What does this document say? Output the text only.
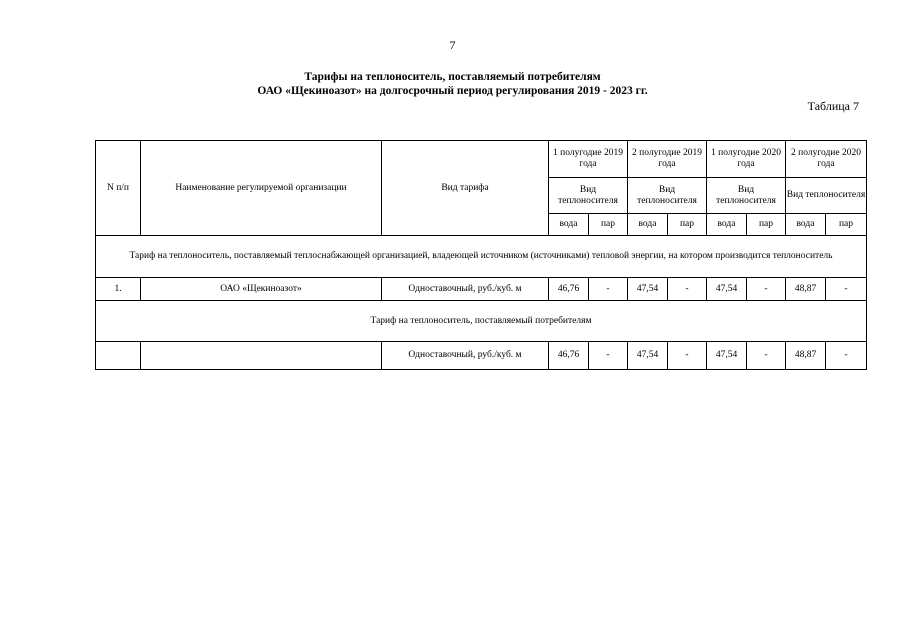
7
Тарифы на теплоноситель, поставляемый потребителям
ОАО «Щекиноазот» на долгосрочный период регулирования 2019 - 2023 гг.
Таблица 7
N п/п	Наименование регулируемой организации	Вид тарифа	1 полугодие 2019 года		2 полугодие 2019 года		1 полугодие 2020 года		2 полугодие 2020 года	
			Вид теплоносителя		Вид теплоносителя		Вид теплоносителя		Вид теплоносителя	
			вода	пар	вода	пар	вода	пар	вода	пар
Тариф на теплоноситель, поставляемый теплоснабжающей организацией, владеющей источником (источниками) тепловой энергии, на котором производится теплоноситель										
1.	ОАО «Щекиноазот»	Одноставочный, руб./куб. м	46,76	-	47,54	-	47,54	-	48,87	-
Тариф на теплоноситель, поставляемый потребителям										
		Одноставочный, руб./куб. м	46,76	-	47,54	-	47,54	-	48,87	-
